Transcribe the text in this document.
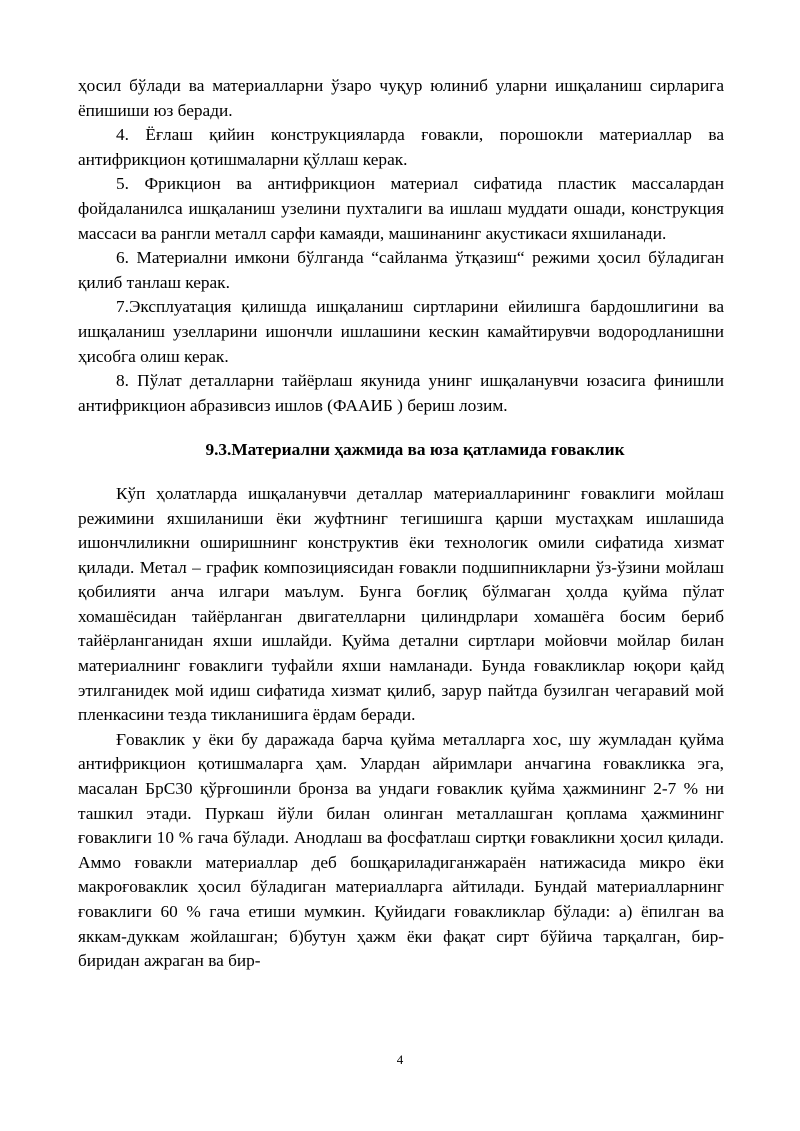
ҳосил бўлади ва материалларни ўзаро чуқур юлиниб уларни ишқаланиш сирларига ёпишиши юз беради.

4. Ёғлаш қийин конструкцияларда ғовакли, порошокли материаллар ва антифрикцион қотишмаларни қўллаш керак.

5. Фрикцион ва антифрикцион материал сифатида пластик массалардан фойдаланилса ишқаланиш узелини пухталиги ва ишлаш муддати ошади, конструкция массаси ва рангли металл сарфи камаяди, машинанинг акустикаси яхшиланади.

6. Материални имкони бўлганда “сайланма ўтқазиш“ режими ҳосил бўладиган қилиб танлаш керак.

7.Эксплуатация қилишда ишқаланиш сиртларини ейилишга бардошлигини ва ишқаланиш узелларини ишончли ишлашини кескин камайтирувчи водородланишни ҳисобга олиш керак.

8. Пўлат деталларни тайёрлаш якунида унинг ишқаланувчи юзасига финишли антифрикцион абразивсиз ишлов (ФААИБ ) бериш лозим.

9.3.Материални ҳажмида ва юза қатламида ғоваклик

Кўп ҳолатларда ишқаланувчи деталлар материалларининг ғоваклиги мойлаш режимини яхшиланиши ёки жуфтнинг тегишишга қарши мустаҳкам ишлашида ишончлиликни оширишнинг конструктив ёки технологик омили сифатида хизмат қилади. Метал – график композициясидан ғовакли подшипникларни ўз-ўзини мойлаш қобилияти анча илгари маълум. Бунга боғлиқ бўлмаган ҳолда қуйма пўлат хомашёсидан тайёрланган двигателларни цилиндрлари хомашёга босим бериб тайёрланганидан яхши ишлайди. Қуйма детални сиртлари мойовчи мойлар билан материалнинг ғоваклиги туфайли яхши намланади. Бунда ғовакликлар юқори қайд этилганидек мой идиш сифатида хизмат қилиб, зарур пайтда бузилган чегаравий мой пленкасини тезда тикланишига ёрдам беради.

Ғоваклик у ёки бу даражада барча қуйма металларга хос, шу жумладан қуйма антифрикцион қотишмаларга ҳам. Улардан айримлари анчагина ғовакликка эга, масалан БрС30 қўрғошинли бронза ва ундаги ғоваклик қуйма ҳажмининг 2-7 % ни ташкил этади. Пуркаш йўли билан олинган металлашган қоплама ҳажмининг ғоваклиги 10 % гача бўлади. Анодлаш ва фосфатлаш сиртқи ғовакликни ҳосил қилади. Аммо ғовакли материаллар деб бошқариладиганжараён натижасида микро ёки макроғоваклик ҳосил бўладиган материалларга айтилади. Бундай материалларнинг ғоваклиги 60 % гача етиши мумкин. Қуйидаги ғовакликлар бўлади: а) ёпилган ва яккам-дуккам жойлашган; б)бутун ҳажм ёки фақат сирт бўйича тарқалган, бир-биридан ажраган ва бир-

4
